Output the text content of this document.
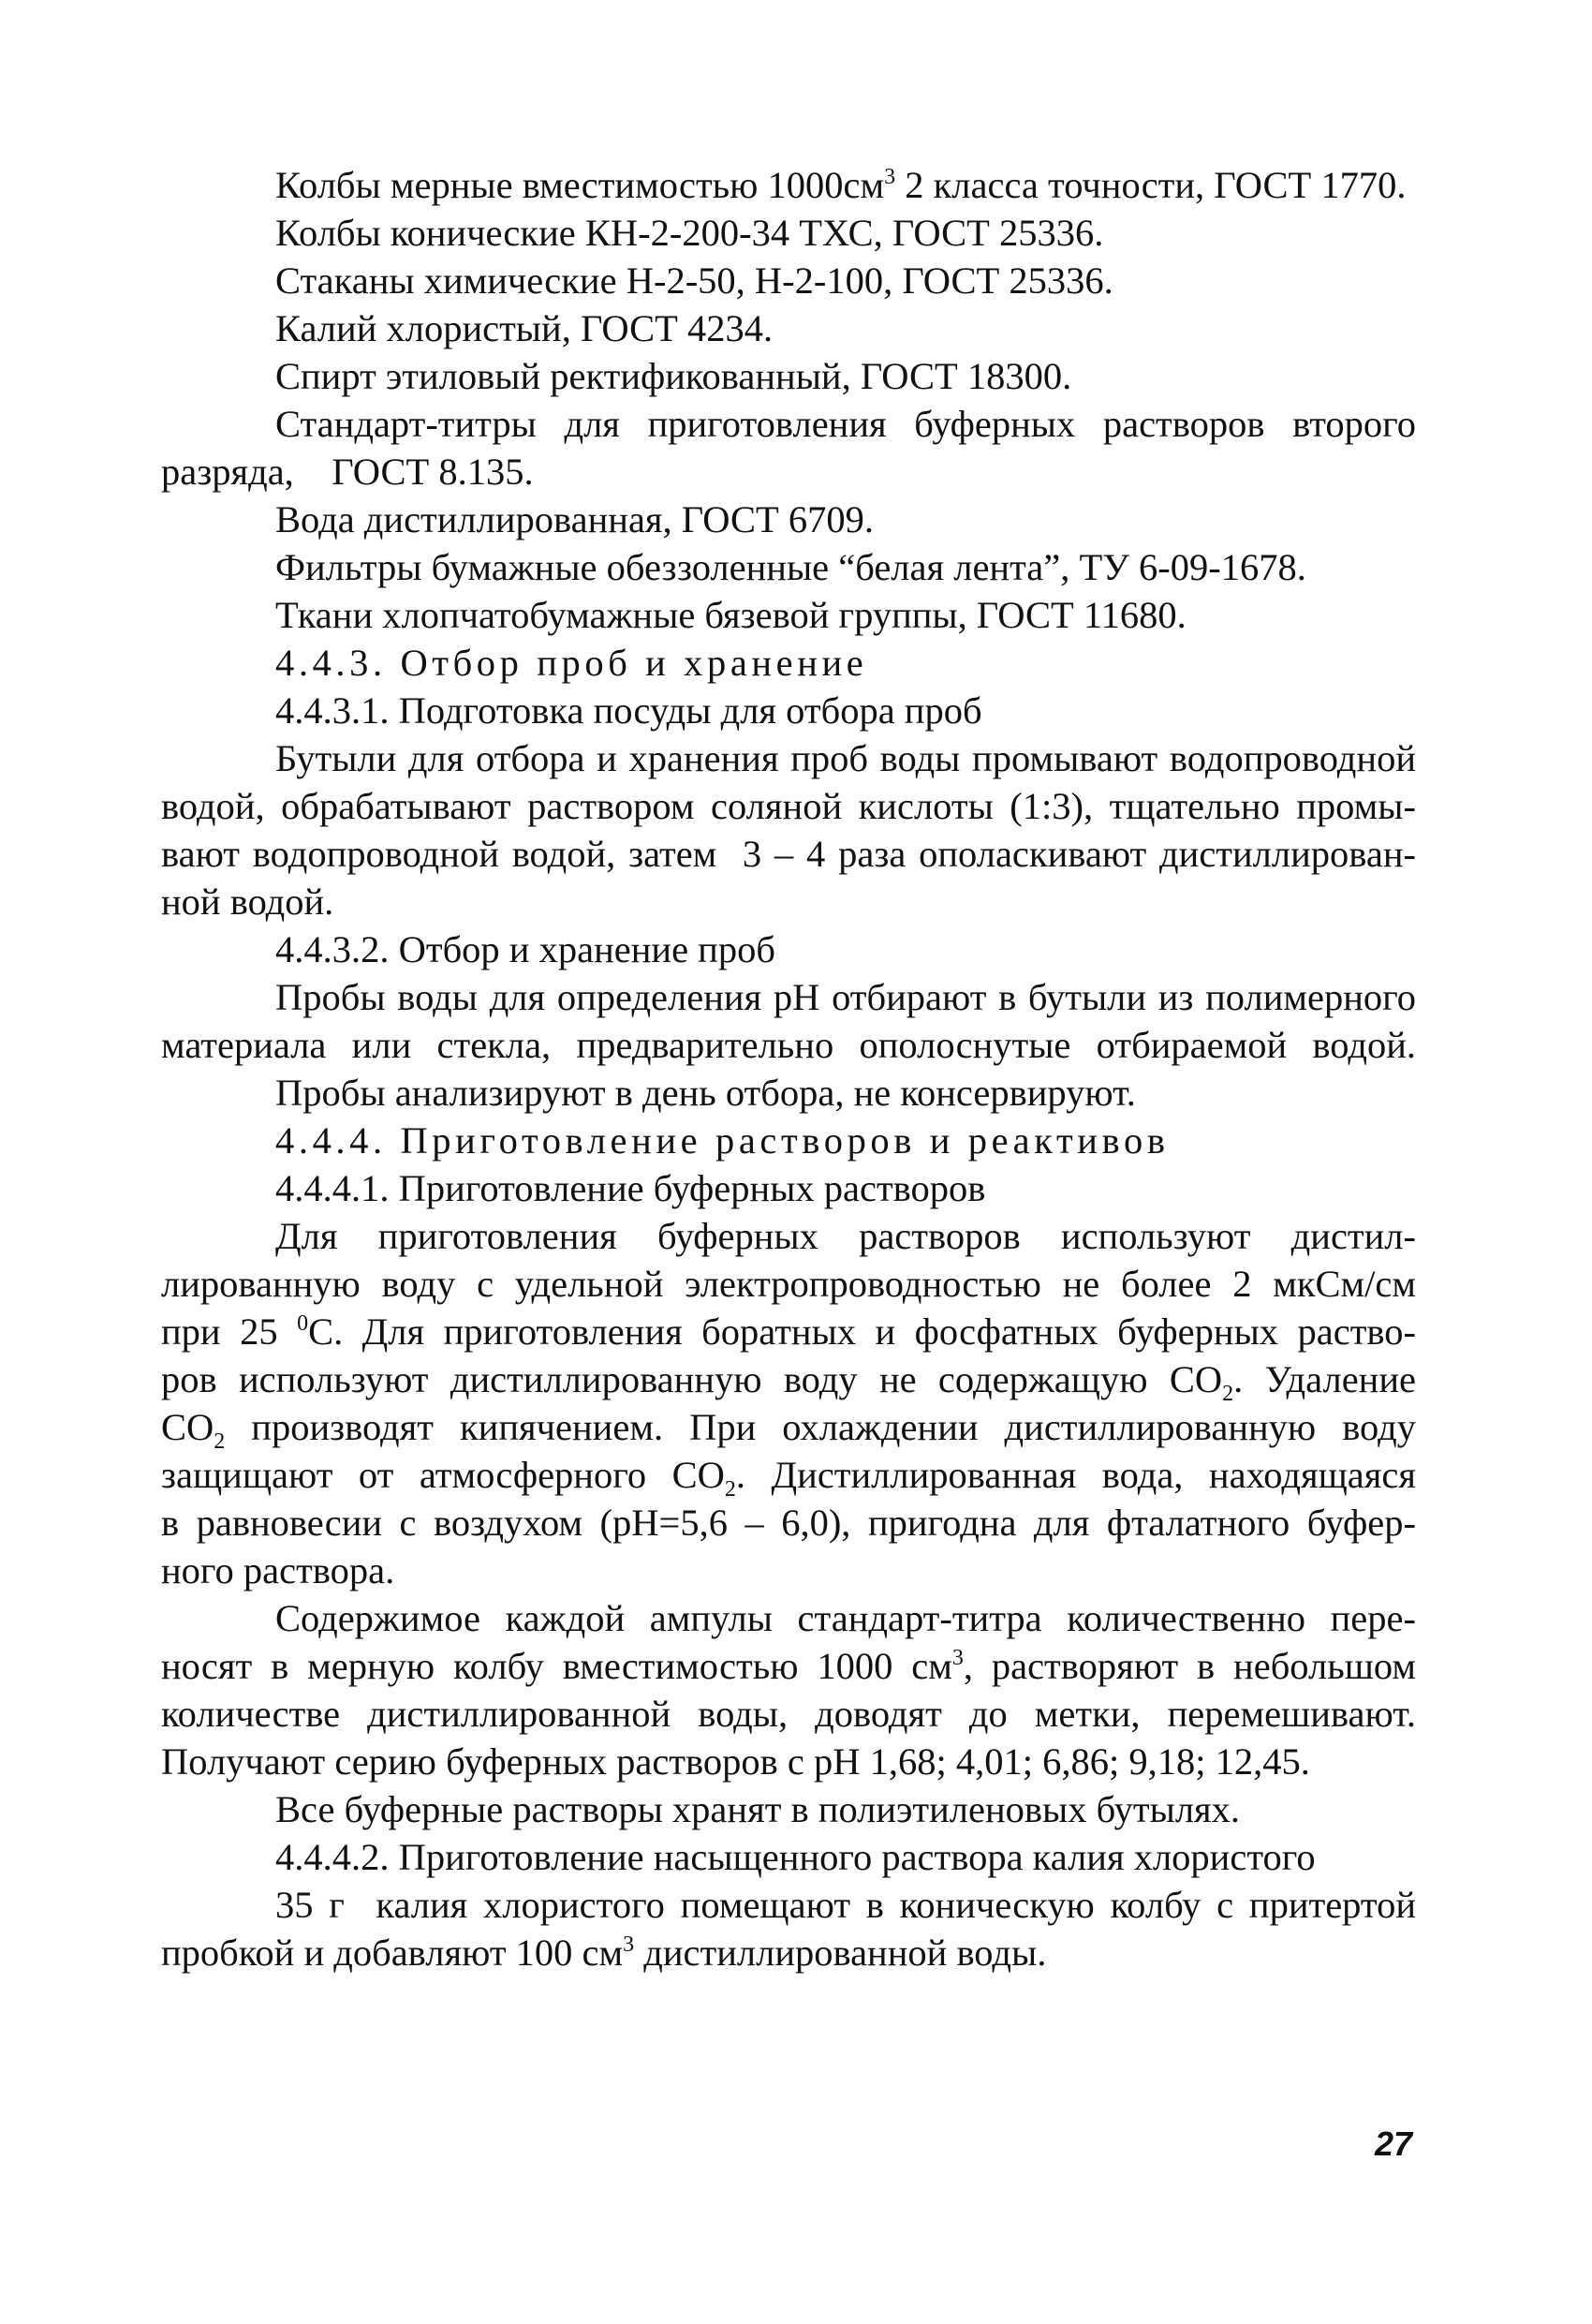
Колбы мерные вместимостью $1000см^3$ 2 класса точности, ГОСТ 1770.
Колбы конические КН-2-200-34 ТХС, ГОСТ 25336.
Стаканы химические Н-2-50, Н-2-100, ГОСТ 25336.
Калий хлористый, ГОСТ 4234.
Спирт этиловый ректификованный, ГОСТ 18300.
Стандарт-титры для приготовления буферных растворов второго
разряда,    ГОСТ 8.135.
Вода дистиллированная, ГОСТ 6709.
Фильтры бумажные обеззоленные “белая лента”, ТУ 6-09-1678.
Ткани хлопчатобумажные бязевой группы, ГОСТ 11680.
4.4.3. Отбор проб и хранение
4.4.3.1. Подготовка посуды для отбора проб
Бутыли для отбора и хранения проб воды промывают водопроводной
водой, обрабатывают раствором соляной кислоты (1:3), тщательно промы-
вают водопроводной водой, затем  3 – 4 раза ополаскивают дистиллирован-
ной водой.
4.4.3.2. Отбор и хранение проб
Пробы воды для определения pH отбирают в бутыли из полимерного
материала или стекла, предварительно ополоснутые отбираемой водой.
Пробы анализируют в день отбора, не консервируют.
4.4.4. Приготовление растворов и реактивов
4.4.4.1. Приготовление буферных растворов
Для приготовления буферных растворов используют дистил-
лированную воду с удельной электропроводностью не более 2 мкСм/см
при 25 $^0$С. Для приготовления боратных и фосфатных буферных раство-
ров используют дистиллированную воду не содержащую $СО_2$. Удаление
$СО_2$ производят кипячением. При охлаждении дистиллированную воду
защищают от атмосферного $СО_2$. Дистиллированная вода, находящаяся
в равновесии с воздухом (pH=5,6 – 6,0), пригодна для фталатного буфер-
ного раствора.
Содержимое каждой ампулы стандарт-титра количественно пере-
носят в мерную колбу вместимостью 1000 $см^3$, растворяют в небольшом
количестве дистиллированной воды, доводят до метки, перемешивают.
Получают серию буферных растворов с pH 1,68; 4,01; 6,86; 9,18; 12,45.
Все буферные растворы хранят в полиэтиленовых бутылях.
4.4.4.2. Приготовление насыщенного раствора калия хлористого
35 г  калия хлористого помещают в коническую колбу с притертой
пробкой и добавляют 100 $см^3$ дистиллированной воды.
27
